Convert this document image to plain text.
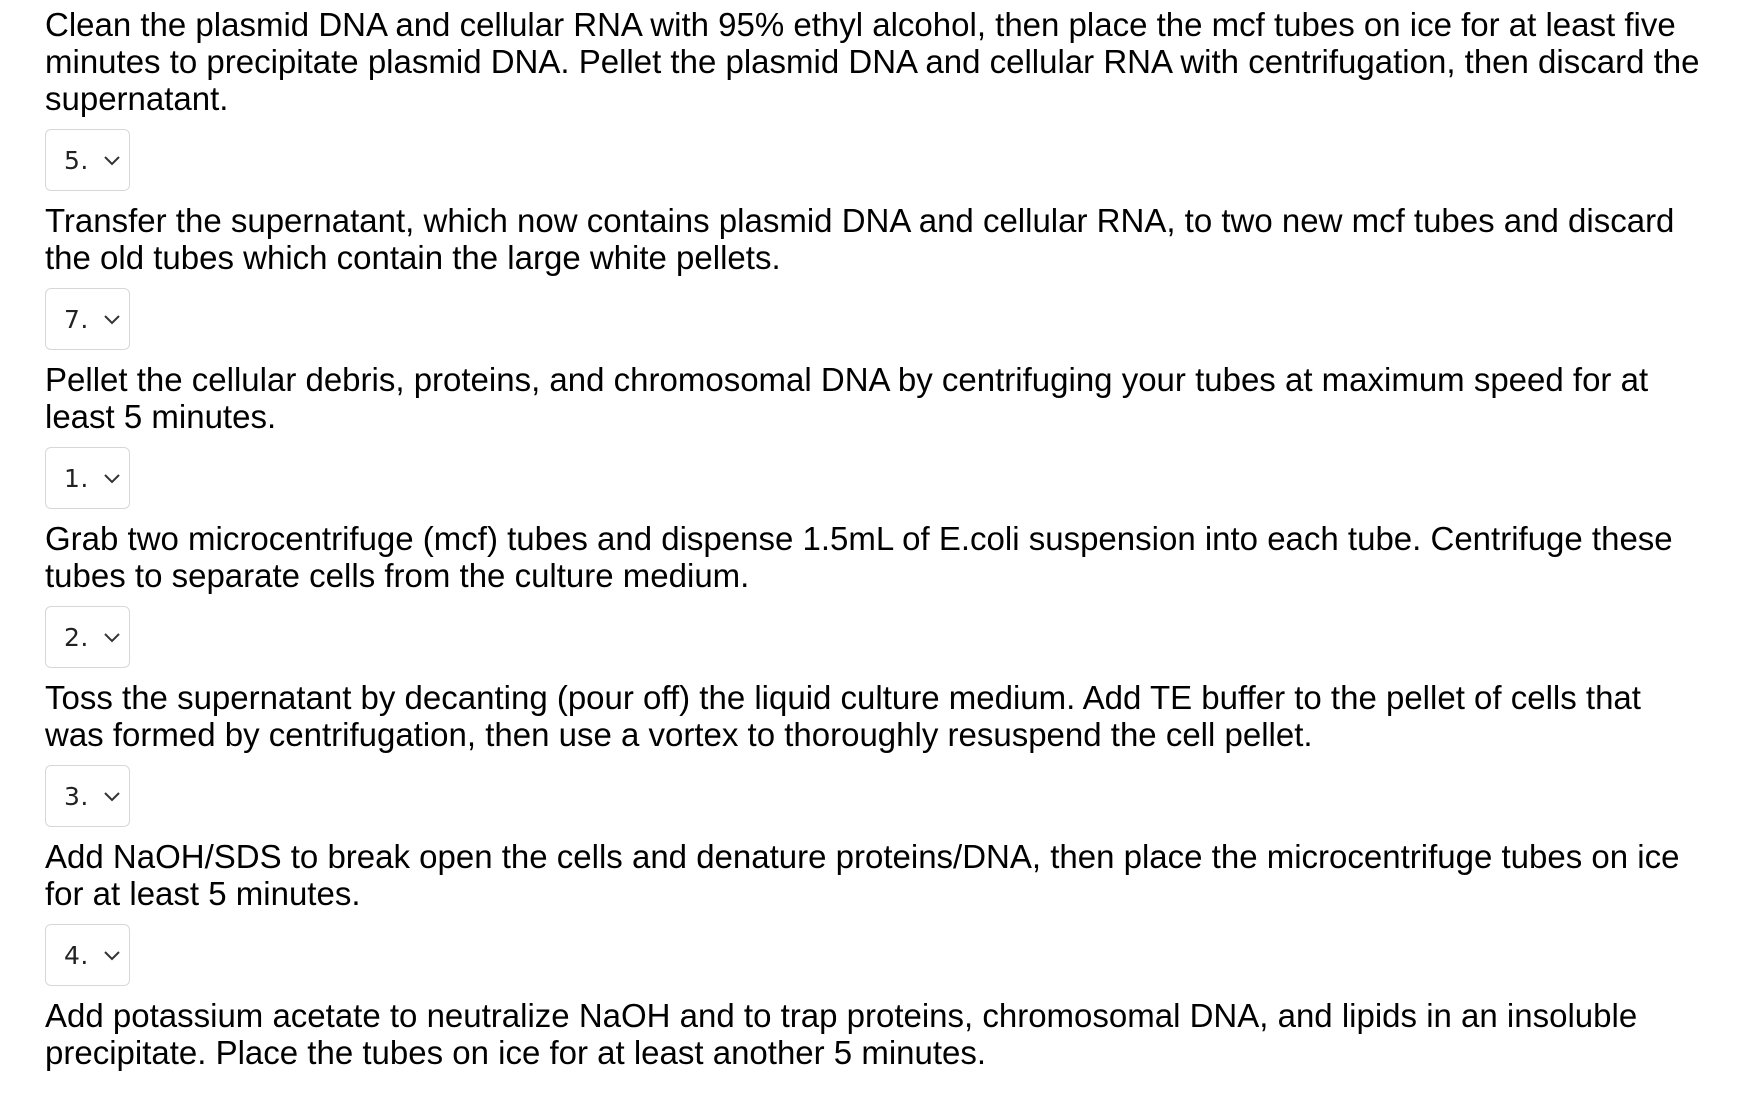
Clean the plasmid DNA and cellular RNA with 95% ethyl alcohol, then place the mcf tubes on ice for at least five minutes to precipitate plasmid DNA. Pellet the plasmid DNA and cellular RNA with centrifugation, then discard the supernatant.

5.

Transfer the supernatant, which now contains plasmid DNA and cellular RNA, to two new mcf tubes and discard the old tubes which contain the large white pellets.

7.

Pellet the cellular debris, proteins, and chromosomal DNA by centrifuging your tubes at maximum speed for at least 5 minutes.

1.

Grab two microcentrifuge (mcf) tubes and dispense 1.5mL of E.coli suspension into each tube. Centrifuge these tubes to separate cells from the culture medium.

2.

Toss the supernatant by decanting (pour off) the liquid culture medium. Add TE buffer to the pellet of cells that was formed by centrifugation, then use a vortex to thoroughly resuspend the cell pellet.

3.

Add NaOH/SDS to break open the cells and denature proteins/DNA, then place the microcentrifuge tubes on ice for at least 5 minutes.

4.

Add potassium acetate to neutralize NaOH and to trap proteins, chromosomal DNA, and lipids in an insoluble precipitate. Place the tubes on ice for at least another 5 minutes.
